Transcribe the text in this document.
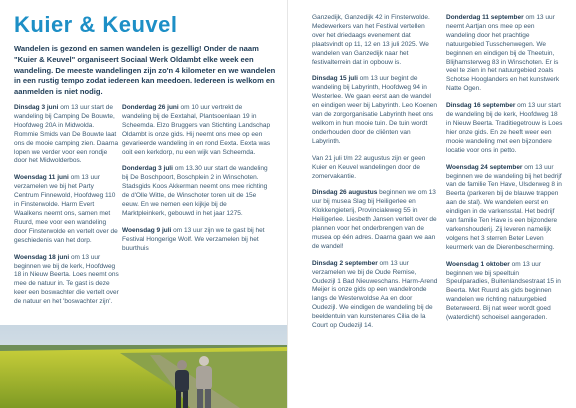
Kuier & Keuvel

Wandelen is gezond en samen wandelen is gezellig! Onder de naam "Kuier & Keuvel" organiseert Sociaal Werk Oldambt elke week een wandeling. De meeste wandelingen zijn zo'n 4 kilometer en we wandelen in een rustig tempo zodat iedereen kan meedoen. Iedereen is welkom en aanmelden is niet nodig.

Dinsdag 3 juni om 13 uur start de wandeling bij Camping De Bouwte, Hoofdweg 20A in Midwolda. Rommie Smids van De Bouwte laat ons de mooie camping zien. Daarna lopen we verder voor een rondje door het Midwolderbos.

Woensdag 11 juni om 13 uur verzamelen we bij het Party Centrum Finnewold, Hoofdweg 110 in Finsterwolde. Harm Evert Waalkens neemt ons, samen met Ruurd, mee voor een wandeling door Finsterwolde en vertelt over de geschiedenis van het dorp.

Woensdag 18 juni om 13 uur beginnen we bij de kerk, Hoofdweg 18 in Nieuw Beerta. Loes neemt ons mee de natuur in. Te gast is deze keer een boswachter die vertelt over de natuur en het 'boswachter zijn'.

Donderdag 26 juni om 10 uur vertrekt de wandeling bij de Eextahal, Plantsoenlaan 19 in Scheemda. Elzo Bruggers van Stichting Landschap Oldambt is onze gids. Hij neemt ons mee op een gevarieerde wandeling in en rond Eexta. Eexta was ooit een kerkdorp, nu een wijk van Scheemda.

Donderdag 3 juli om 13.30 uur start de wandeling bij De Boschpoort, Boschplein 2 in Winschoten. Stadsgids Koos Akkerman neemt ons mee richting de d'Olle Witte, de Winschoter toren uit de 15e eeuw. En we nemen een kijkje bij de Marktpleinkerk, gebouwd in het jaar 1275.

Woensdag 9 juli om 13 uur zijn we te gast bij het Festival Hongerige Wolf. We verzamelen bij het buurthuis

Ganzedijk, Ganzedijk 42 in Finsterwolde. Medewerkers van het Festival vertellen over het driedaags evenement dat plaatsvindt op 11, 12 en 13 juli 2025. We wandelen van Ganzedijk naar het festivalterrein dat in opbouw is.

Dinsdag 15 juli om 13 uur begint de wandeling bij Labyrinth, Hoofdweg 94 in Westerlee. We gaan eerst aan de wandel en eindigen weer bij Labyrinth. Leo Koenen van de zorgorganisatie Labyrinth heet ons welkom in hun mooie tuin. De tuin wordt onderhouden door de cliënten van Labyrinth.

Van 21 juli t/m 22 augustus zijn er geen Kuier en Keuvel wandelingen door de zomervakantie.

Dinsdag 26 augustus beginnen we om 13 uur bij musea Slag bij Heiligerlee en Klokkengieterij, Provincialeweg 55 in Heiligerlee. Liesbeth Jansen vertelt over de plannen voor het onderbrengen van de musea op één adres. Daarna gaan we aan de wandel!

Dinsdag 2 september om 13 uur verzamelen we bij de Oude Remise, Oudezijl 1 Bad Nieuweschans. Harm-Arend Meijer is onze gids op een wandelronde langs de Westerwoldse Aa en door Oudezijl. We eindigen de wandeling bij de beeldentuin van kunstenares Cilia de la Court op Oudezijl 14.

Donderdag 11 september om 13 uur neemt Aartjan ons mee op een wandeling door het prachtige natuurgebied Tusschenwegen. We beginnen en eindigen bij de Theetuin, Blijhamsterweg 83 in Winschoten. Er is veel te zien in het natuurgebied zoals Schotse Hooglanders en het kunstwerk Natte Ogen.

Dinsdag 16 september om 13 uur start de wandeling bij de kerk, Hoofdweg 18 in Nieuw Beerta. Traditiegetrouw is Loes hier onze gids. En ze heeft weer een mooie wandeling met een bijzondere locatie voor ons in petto.

Woensdag 24 september om 13 uur beginnen we de wandeling bij het bedrijf van de familie Ten Have, Ulsderweg 8 in Beerta (parkeren bij de blauwe trappen aan de stal). We wandelen eerst en eindigen in de varkensstal. Het bedrijf van familie Ten Have is een bijzondere varkenshouderij. Zij leveren namelijk volgens het 3 sterren Beter Leven keurmerk van de Dierenbescherming.

Woensdag 1 oktober om 13 uur beginnen we bij speeltuin Speulparadies, Buitenlandsestraat 15 in Beerta. Met Ruurd als gids beginnen wandelen we richting natuurgebied Beterweerd. Bij nat weer wordt goed (waterdicht) schoeisel aangeraden.
